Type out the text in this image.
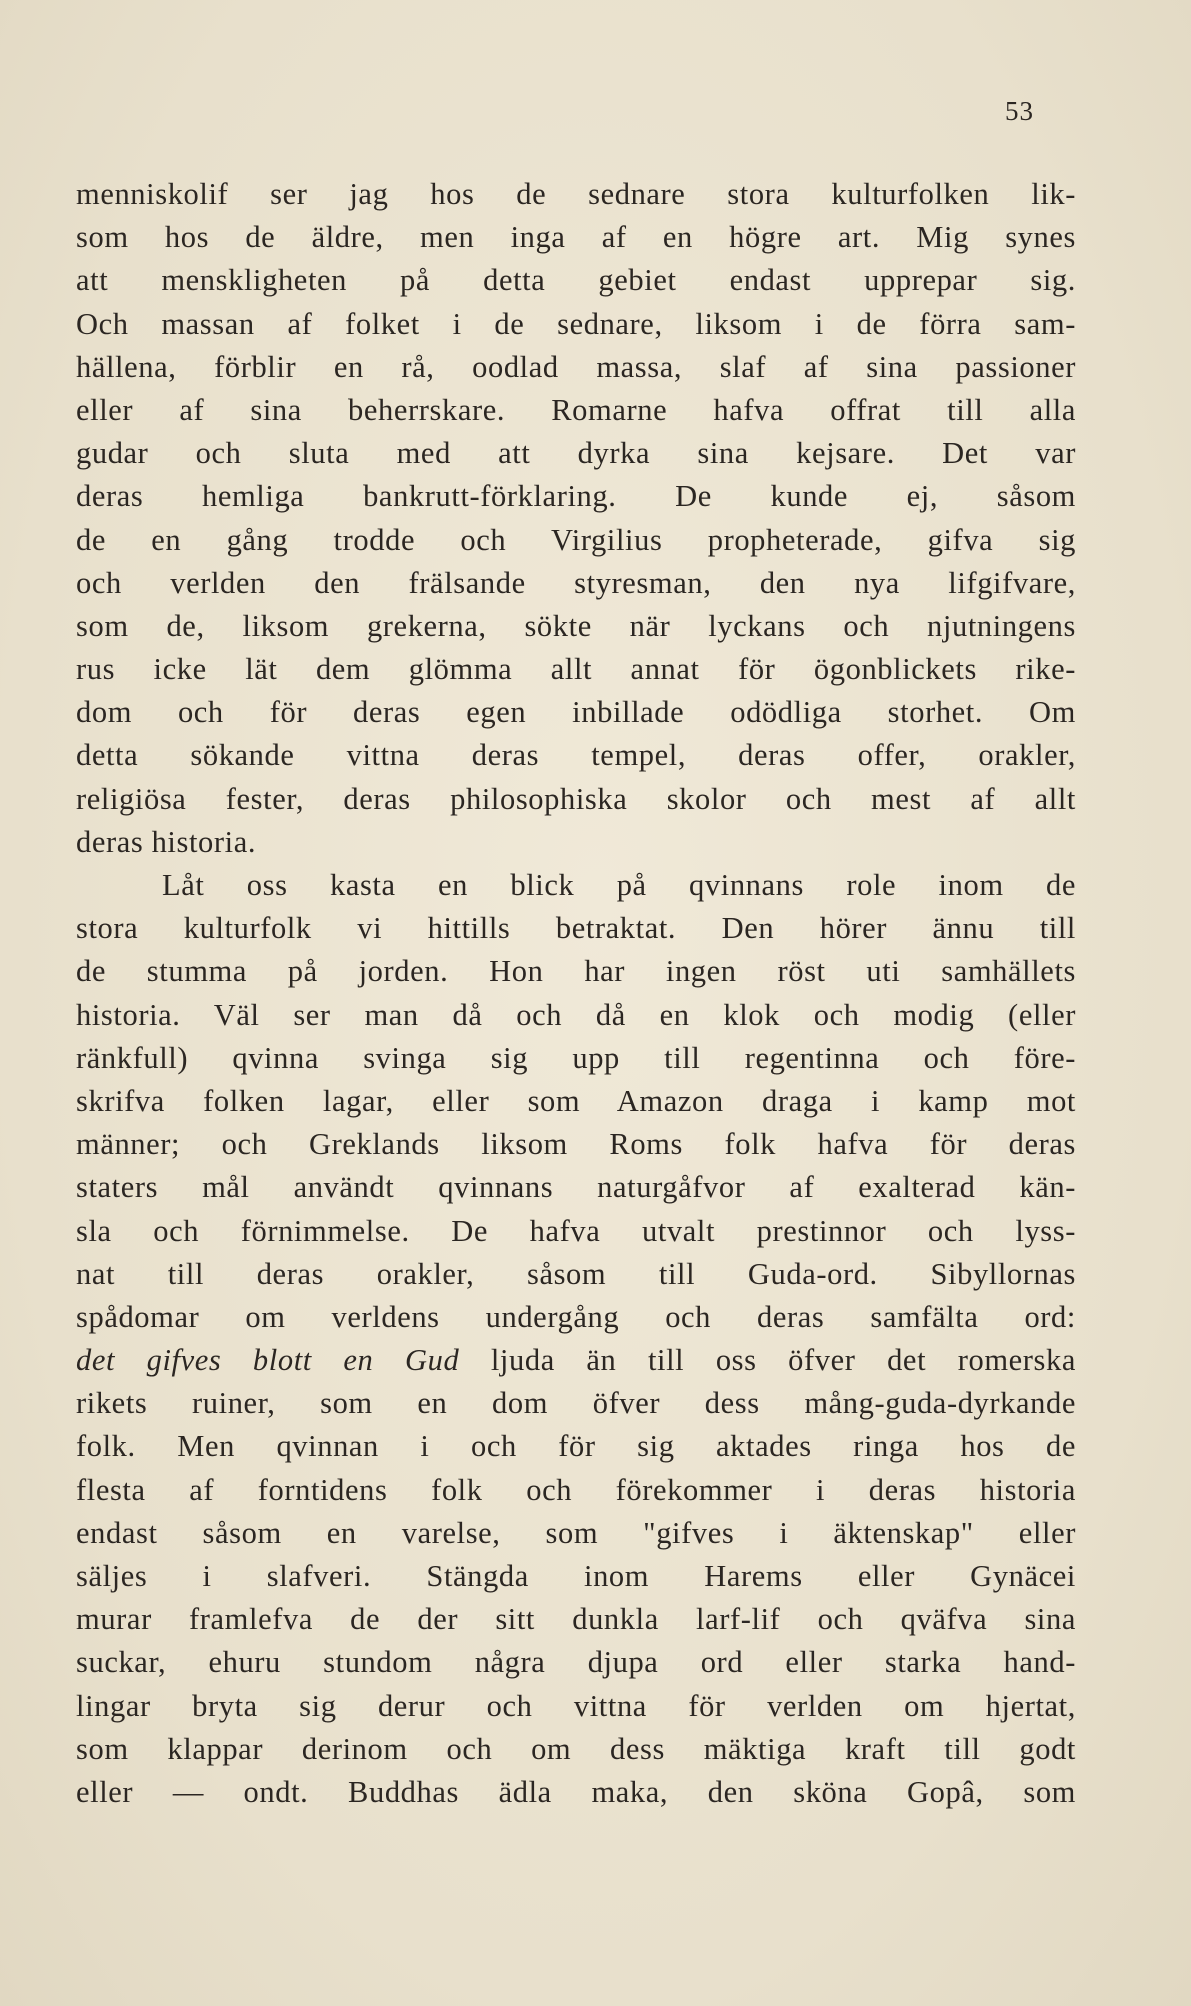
53
menniskolif ser jag hos de sednare stora kulturfolken lik-
som hos de äldre, men inga af en högre art. Mig synes
att menskligheten på detta gebiet endast upprepar sig.
Och massan af folket i de sednare, liksom i de förra sam-
hällena, förblir en rå, oodlad massa, slaf af sina passioner
eller af sina beherrskare. Romarne hafva offrat till alla
gudar och sluta med att dyrka sina kejsare. Det var
deras hemliga bankrutt-förklaring. De kunde ej, såsom
de en gång trodde och Virgilius propheterade, gifva sig
och verlden den frälsande styresman, den nya lifgifvare,
som de, liksom grekerna, sökte när lyckans och njutningens
rus icke lät dem glömma allt annat för ögonblickets rike-
dom och för deras egen inbillade odödliga storhet. Om
detta sökande vittna deras tempel, deras offer, orakler,
religiösa fester, deras philosophiska skolor och mest af allt
deras historia.
Låt oss kasta en blick på qvinnans role inom de
stora kulturfolk vi hittills betraktat. Den hörer ännu till
de stumma på jorden. Hon har ingen röst uti samhällets
historia. Väl ser man då och då en klok och modig (eller
ränkfull) qvinna svinga sig upp till regentinna och före-
skrifva folken lagar, eller som Amazon draga i kamp mot
männer; och Greklands liksom Roms folk hafva för deras
staters mål användt qvinnans naturgåfvor af exalterad kän-
sla och förnimmelse. De hafva utvalt prestinnor och lyss-
nat till deras orakler, såsom till Guda-ord. Sibyllornas
spådomar om verldens undergång och deras samfälta ord:
det gifves blott en Gud ljuda än till oss öfver det romerska
rikets ruiner, som en dom öfver dess mång-guda-dyrkande
folk. Men qvinnan i och för sig aktades ringa hos de
flesta af forntidens folk och förekommer i deras historia
endast såsom en varelse, som "gifves i äktenskap" eller
säljes i slafveri. Stängda inom Harems eller Gynäcei
murar framlefva de der sitt dunkla larf-lif och qväfva sina
suckar, ehuru stundom några djupa ord eller starka hand-
lingar bryta sig derur och vittna för verlden om hjertat,
som klappar derinom och om dess mäktiga kraft till godt
eller — ondt. Buddhas ädla maka, den sköna Gopâ, som
